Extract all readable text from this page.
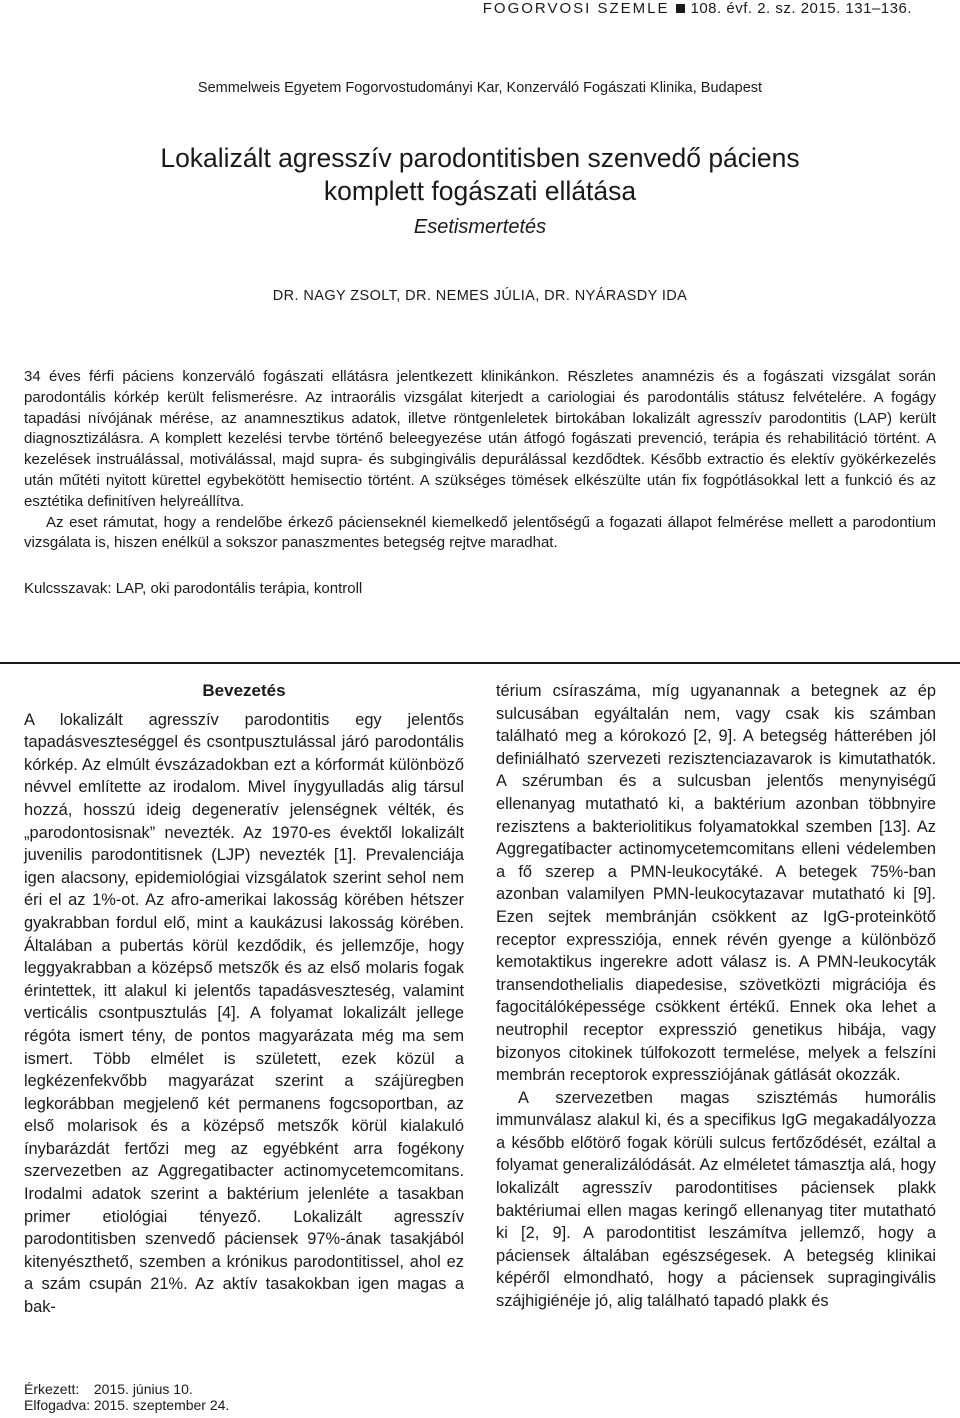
FOGORVOSI SZEMLE 108. évf. 2. sz. 2015. 131–136.
Semmelweis Egyetem Fogorvostudományi Kar, Konzerváló Fogászati Klinika, Budapest
Lokalizált agresszív parodontitisben szenvedő páciens
komplett fogászati ellátása
Esetismertetés
DR. NAGY ZSOLT, DR. NEMES JÚLIA, DR. NYÁRASDY IDA

34 éves férfi páciens konzerváló fogászati ellátásra jelentkezett klinikánkon. Részletes anamnézis és a fogászati vizsgálat során parodontális kórkép került felismerésre. Az intraorális vizsgálat kiterjedt a cariologiai és parodontális státusz felvételére. A fogágy tapadási nívójának mérése, az anamnesztikus adatok, illetve röntgenleletek birtokában lokalizált agresszív parodontitis (LAP) került diagnosztizálásra. A komplett kezelési tervbe történő beleegyezése után átfogó fogászati prevenció, terápia és rehabilitáció történt. A kezelések instruálással, motiválással, majd supra- és subgingivális depurálással kezdődtek. Később extractio és elektív gyökérkezelés után műtéti nyitott kürettel egybekötött hemisectio történt. A szükséges tömések elkészülte után fix fogpótlásokkal lett a funkció és az esztétika definitíven helyreállítva.

Az eset rámutat, hogy a rendelőbe érkező pácienseknél kiemelkedő jelentőségű a fogazati állapot felmérése mellett a parodontium vizsgálata is, hiszen enélkül a sokszor panaszmentes betegség rejtve maradhat.

Kulcsszavak: LAP, oki parodontális terápia, kontroll
Bevezetés

A lokalizált agresszív parodontitis egy jelentős tapadásveszteséggel és csontpusztulással járó parodontális kórkép. Az elmúlt évszázadokban ezt a kórformát különböző névvel említette az irodalom. Mivel ínygyulladás alig társul hozzá, hosszú ideig degeneratív jelenségnek vélték, és „parodontosisnak” nevezték. Az 1970-es évektől lokalizált juvenilis parodontitisnek (LJP) nevezték [1]. Prevalenciája igen alacsony, epidemiológiai vizsgálatok szerint sehol nem éri el az 1%-ot. Az afro-amerikai lakosság körében hétszer gyakrabban fordul elő, mint a kaukázusi lakosság körében. Általában a pubertás körül kezdődik, és jellemzője, hogy leggyakrabban a középső metszők és az első molaris fogak érintettek, itt alakul ki jelentős tapadásveszteség, valamint verticális csontpusztulás [4]. A folyamat lokalizált jellege régóta ismert tény, de pontos magyarázata még ma sem ismert. Több elmélet is született, ezek közül a legkézenfekvőbb magyarázat szerint a szájüregben legkorábban megjelenő két permanens fogcsoportban, az első molarisok és a középső metszők körül kialakuló ínybarázdát fertőzi meg az egyébként arra fogékony szervezetben az Aggregatibacter actinomycetemcomitans. Irodalmi adatok szerint a baktérium jelenléte a tasakban primer etiológiai tényező. Lokalizált agresszív parodontitisben szenvedő páciensek 97%-ának tasakjából kitenyészthető, szemben a krónikus parodontitissel, ahol ez a szám csupán 21%. Az aktív tasakokban igen magas a bak-

térium csíraszáma, míg ugyanannak a betegnek az ép sulcusában egyáltalán nem, vagy csak kis számban található meg a kórokozó [2, 9]. A betegség hátterében jól definiálható szervezeti rezisztenciazavarok is kimutathatók. A szérumban és a sulcusban jelentős menynyiségű ellenanyag mutatható ki, a baktérium azonban többnyire rezisztens a bakteriolitikus folyamatokkal szemben [13]. Az Aggregatibacter actinomycetemcomitans elleni védelemben a fő szerep a PMN-leukocytáké. A betegek 75%-ban azonban valamilyen PMN-leukocytazavar mutatható ki [9]. Ezen sejtek membránján csökkent az IgG-proteinkötő receptor expressziója, ennek révén gyenge a különböző kemotaktikus ingerekre adott válasz is. A PMN-leukocyták transendothelialis diapedesise, szövetközti migrációja és fagocitálóképessége csökkent értékű. Ennek oka lehet a neutrophil receptor expresszió genetikus hibája, vagy bizonyos citokinek túlfokozott termelése, melyek a felszíni membrán receptorok expressziójának gátlását okozzák.

A szervezetben magas szisztémás humorális immunválasz alakul ki, és a specifikus IgG megakadályozza a később előtörő fogak körüli sulcus fertőződését, ezáltal a folyamat generalizálódását. Az elméletet támasztja alá, hogy lokalizált agresszív parodontitises páciensek plakk baktériumai ellen magas keringő ellenanyag titer mutatható ki [2, 9]. A parodontitist leszámítva jellemző, hogy a páciensek általában egészségesek. A betegség klinikai képéről elmondható, hogy a páciensek supragingivális szájhigiénéje jó, alig található tapadó plakk és

Érkezett: 2015. június 10.
Elfogadva: 2015. szeptember 24.
